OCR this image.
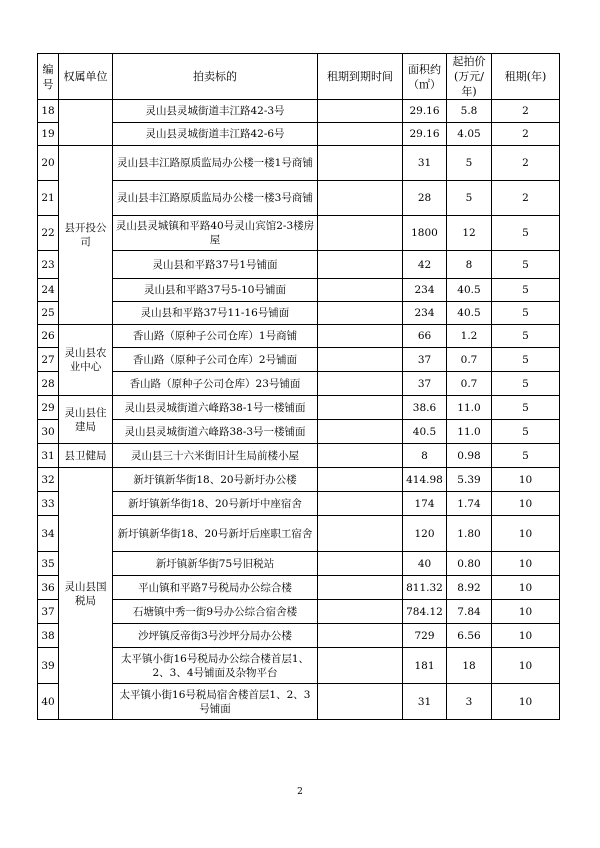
编号	权属单位	拍卖标的	租期到期时间	面积约（㎡）	起拍价(万元/年)	租期(年)
18		灵山县灵城街道丰江路42-3号		29.16	5.8	2
19		灵山县灵城街道丰江路42-6号		29.16	4.05	2
20	县开投公司	灵山县丰江路原质监局办公楼一楼1号商铺		31	5	2
21		灵山县丰江路原质监局办公楼一楼3号商铺		28	5	2
22		灵山县灵城镇和平路40号灵山宾馆2-3楼房屋		1800	12	5
23		灵山县和平路37号1号铺面		42	8	5
24		灵山县和平路37号5-10号铺面		234	40.5	5
25		灵山县和平路37号11-16号铺面		234	40.5	5
26	灵山县农业中心	香山路（原种子公司仓库）1号商铺		66	1.2	5
27		香山路（原种子公司仓库）2号铺面		37	0.7	5
28		香山路（原种子公司仓库）23号铺面		37	0.7	5
29	灵山县住建局	灵山县灵城街道六峰路38-1号一楼铺面		38.6	11.0	5
30		灵山县灵城街道六峰路38-3号一楼铺面		40.5	11.0	5
31	县卫健局	灵山县三十六米街旧计生局前楼小屋		8	0.98	5
32	灵山县国税局	新圩镇新华街18、20号新圩办公楼		414.98	5.39	10
33		新圩镇新华街18、20号新圩中座宿舍		174	1.74	10
34		新圩镇新华街18、20号新圩后座职工宿舍		120	1.80	10
35		新圩镇新华街75号旧税站		40	0.80	10
36		平山镇和平路7号税局办公综合楼		811.32	8.92	10
37		石塘镇中秀一街9号办公综合宿舍楼		784.12	7.84	10
38		沙坪镇反帝街3号沙坪分局办公楼		729	6.56	10
39		太平镇小街16号税局办公综合楼首层1、2、3、4号铺面及杂物平台		181	18	10
40		太平镇小街16号税局宿舍楼首层1、2、3号铺面		31	3	10
2
